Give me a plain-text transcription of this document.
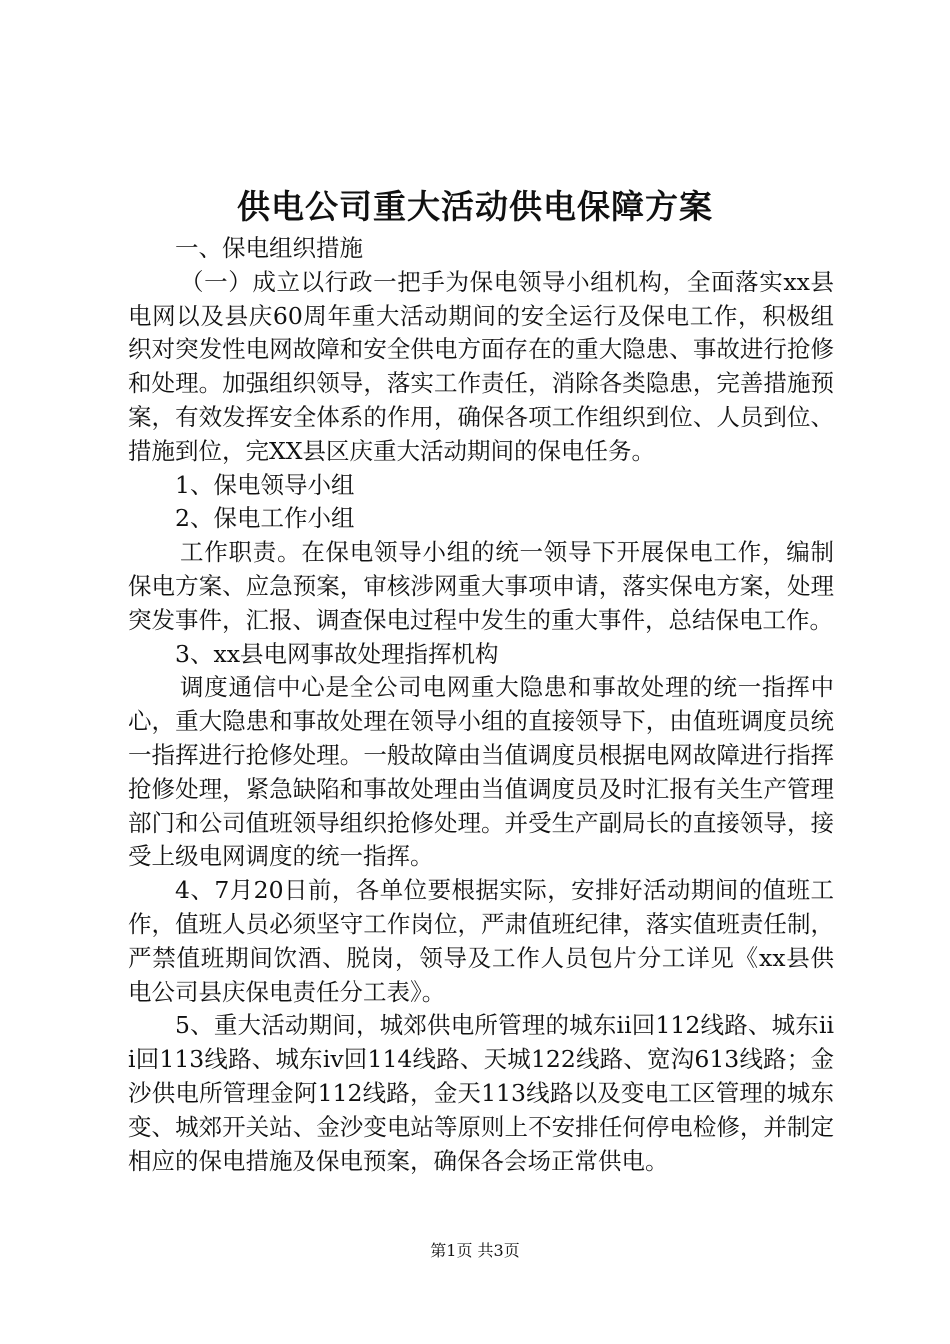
供电公司重大活动供电保障方案

一、保电组织措施

（一）成立以行政一把手为保电领导小组机构，全面落实xx县电网以及县庆60周年重大活动期间的安全运行及保电工作，积极组织对突发性电网故障和安全供电方面存在的重大隐患、事故进行抢修和处理。加强组织领导，落实工作责任，消除各类隐患，完善措施预案，有效发挥安全体系的作用，确保各项工作组织到位、人员到位、措施到位，完XX县区庆重大活动期间的保电任务。

1、保电领导小组

2、保电工作小组

工作职责。在保电领导小组的统一领导下开展保电工作，编制保电方案、应急预案，审核涉网重大事项申请，落实保电方案，处理突发事件，汇报、调查保电过程中发生的重大事件，总结保电工作。

3、xx县电网事故处理指挥机构

调度通信中心是全公司电网重大隐患和事故处理的统一指挥中心，重大隐患和事故处理在领导小组的直接领导下，由值班调度员统一指挥进行抢修处理。一般故障由当值调度员根据电网故障进行指挥抢修处理，紧急缺陷和事故处理由当值调度员及时汇报有关生产管理部门和公司值班领导组织抢修处理。并受生产副局长的直接领导，接受上级电网调度的统一指挥。

4、7月20日前，各单位要根据实际，安排好活动期间的值班工作，值班人员必须坚守工作岗位，严肃值班纪律，落实值班责任制，严禁值班期间饮酒、脱岗，领导及工作人员包片分工详见《xx县供电公司县庆保电责任分工表》。

5、重大活动期间，城郊供电所管理的城东ii回112线路、城东iii回113线路、城东iv回114线路、天城122线路、宽沟613线路；金沙供电所管理金阿112线路，金天113线路以及变电工区管理的城东变、城郊开关站、金沙变电站等原则上不安排任何停电检修，并制定相应的保电措施及保电预案，确保各会场正常供电。

第1页 共3页
